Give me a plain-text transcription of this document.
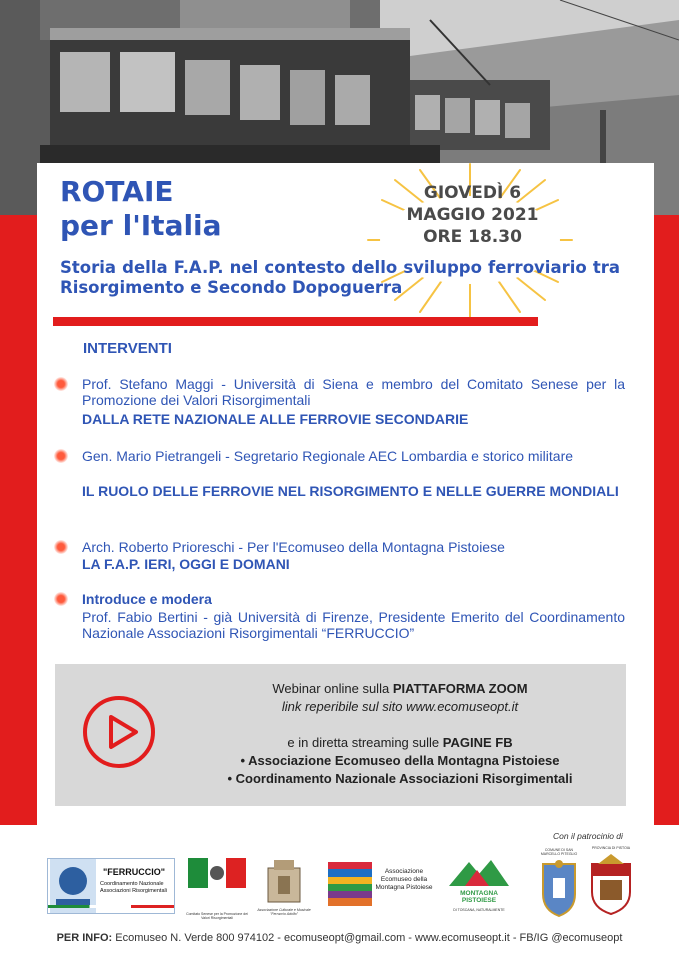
ROTAIE
per l'Italia
GIOVEDÌ 6
MAGGIO 2021
ORE 18.30
Storia della F.A.P. nel contesto dello sviluppo ferroviario tra Risorgimento e Secondo Dopoguerra
INTERVENTI
Prof. Stefano Maggi - Università di Siena e membro del Comitato Senese per la Promozione dei Valori Risorgimentali
DALLA RETE NAZIONALE ALLE FERROVIE SECONDARIE
Gen. Mario Pietrangeli - Segretario Regionale AEC Lombardia e storico militare
IL RUOLO DELLE FERROVIE NEL RISORGIMENTO E NELLE GUERRE MONDIALI
Arch. Roberto Prioreschi - Per l'Ecomuseo della Montagna Pistoiese
LA F.A.P. IERI, OGGI E DOMANI
Introduce e modera
Prof. Fabio Bertini - già Università di Firenze, Presidente Emerito del Coordinamento Nazionale Associazioni Risorgimentali “FERRUCCIO”
Webinar online sulla PIATTAFORMA ZOOM
link reperibile sul sito www.ecomuseopt.it
e in diretta streaming sulle PAGINE FB
• Associazione Ecomuseo della Montagna Pistoiese
• Coordinamento Nazionale Associazioni Risorgimentali
Con il patrocinio di
"FERRUCCIO"
Coordinamento Nazionale Associazioni Risorgimentali
Comitato Senese per la Promozione dei Valori Risorgimentali
Associazione Culturale e Musicale "Ferruccio Adolfo"
Associazione Ecomuseo della Montagna Pistoiese
MONTAGNA PISTOIESE
DI TOSCANA, NATURALMENTE
COMUNE DI SAN MARCELLO PITEGLIO
PROVINCIA DI PISTOIA
PER INFO: Ecomuseo N. Verde 800 974102 - ecomuseopt@gmail.com - www.ecomuseopt.it - FB/IG @ecomuseopt
